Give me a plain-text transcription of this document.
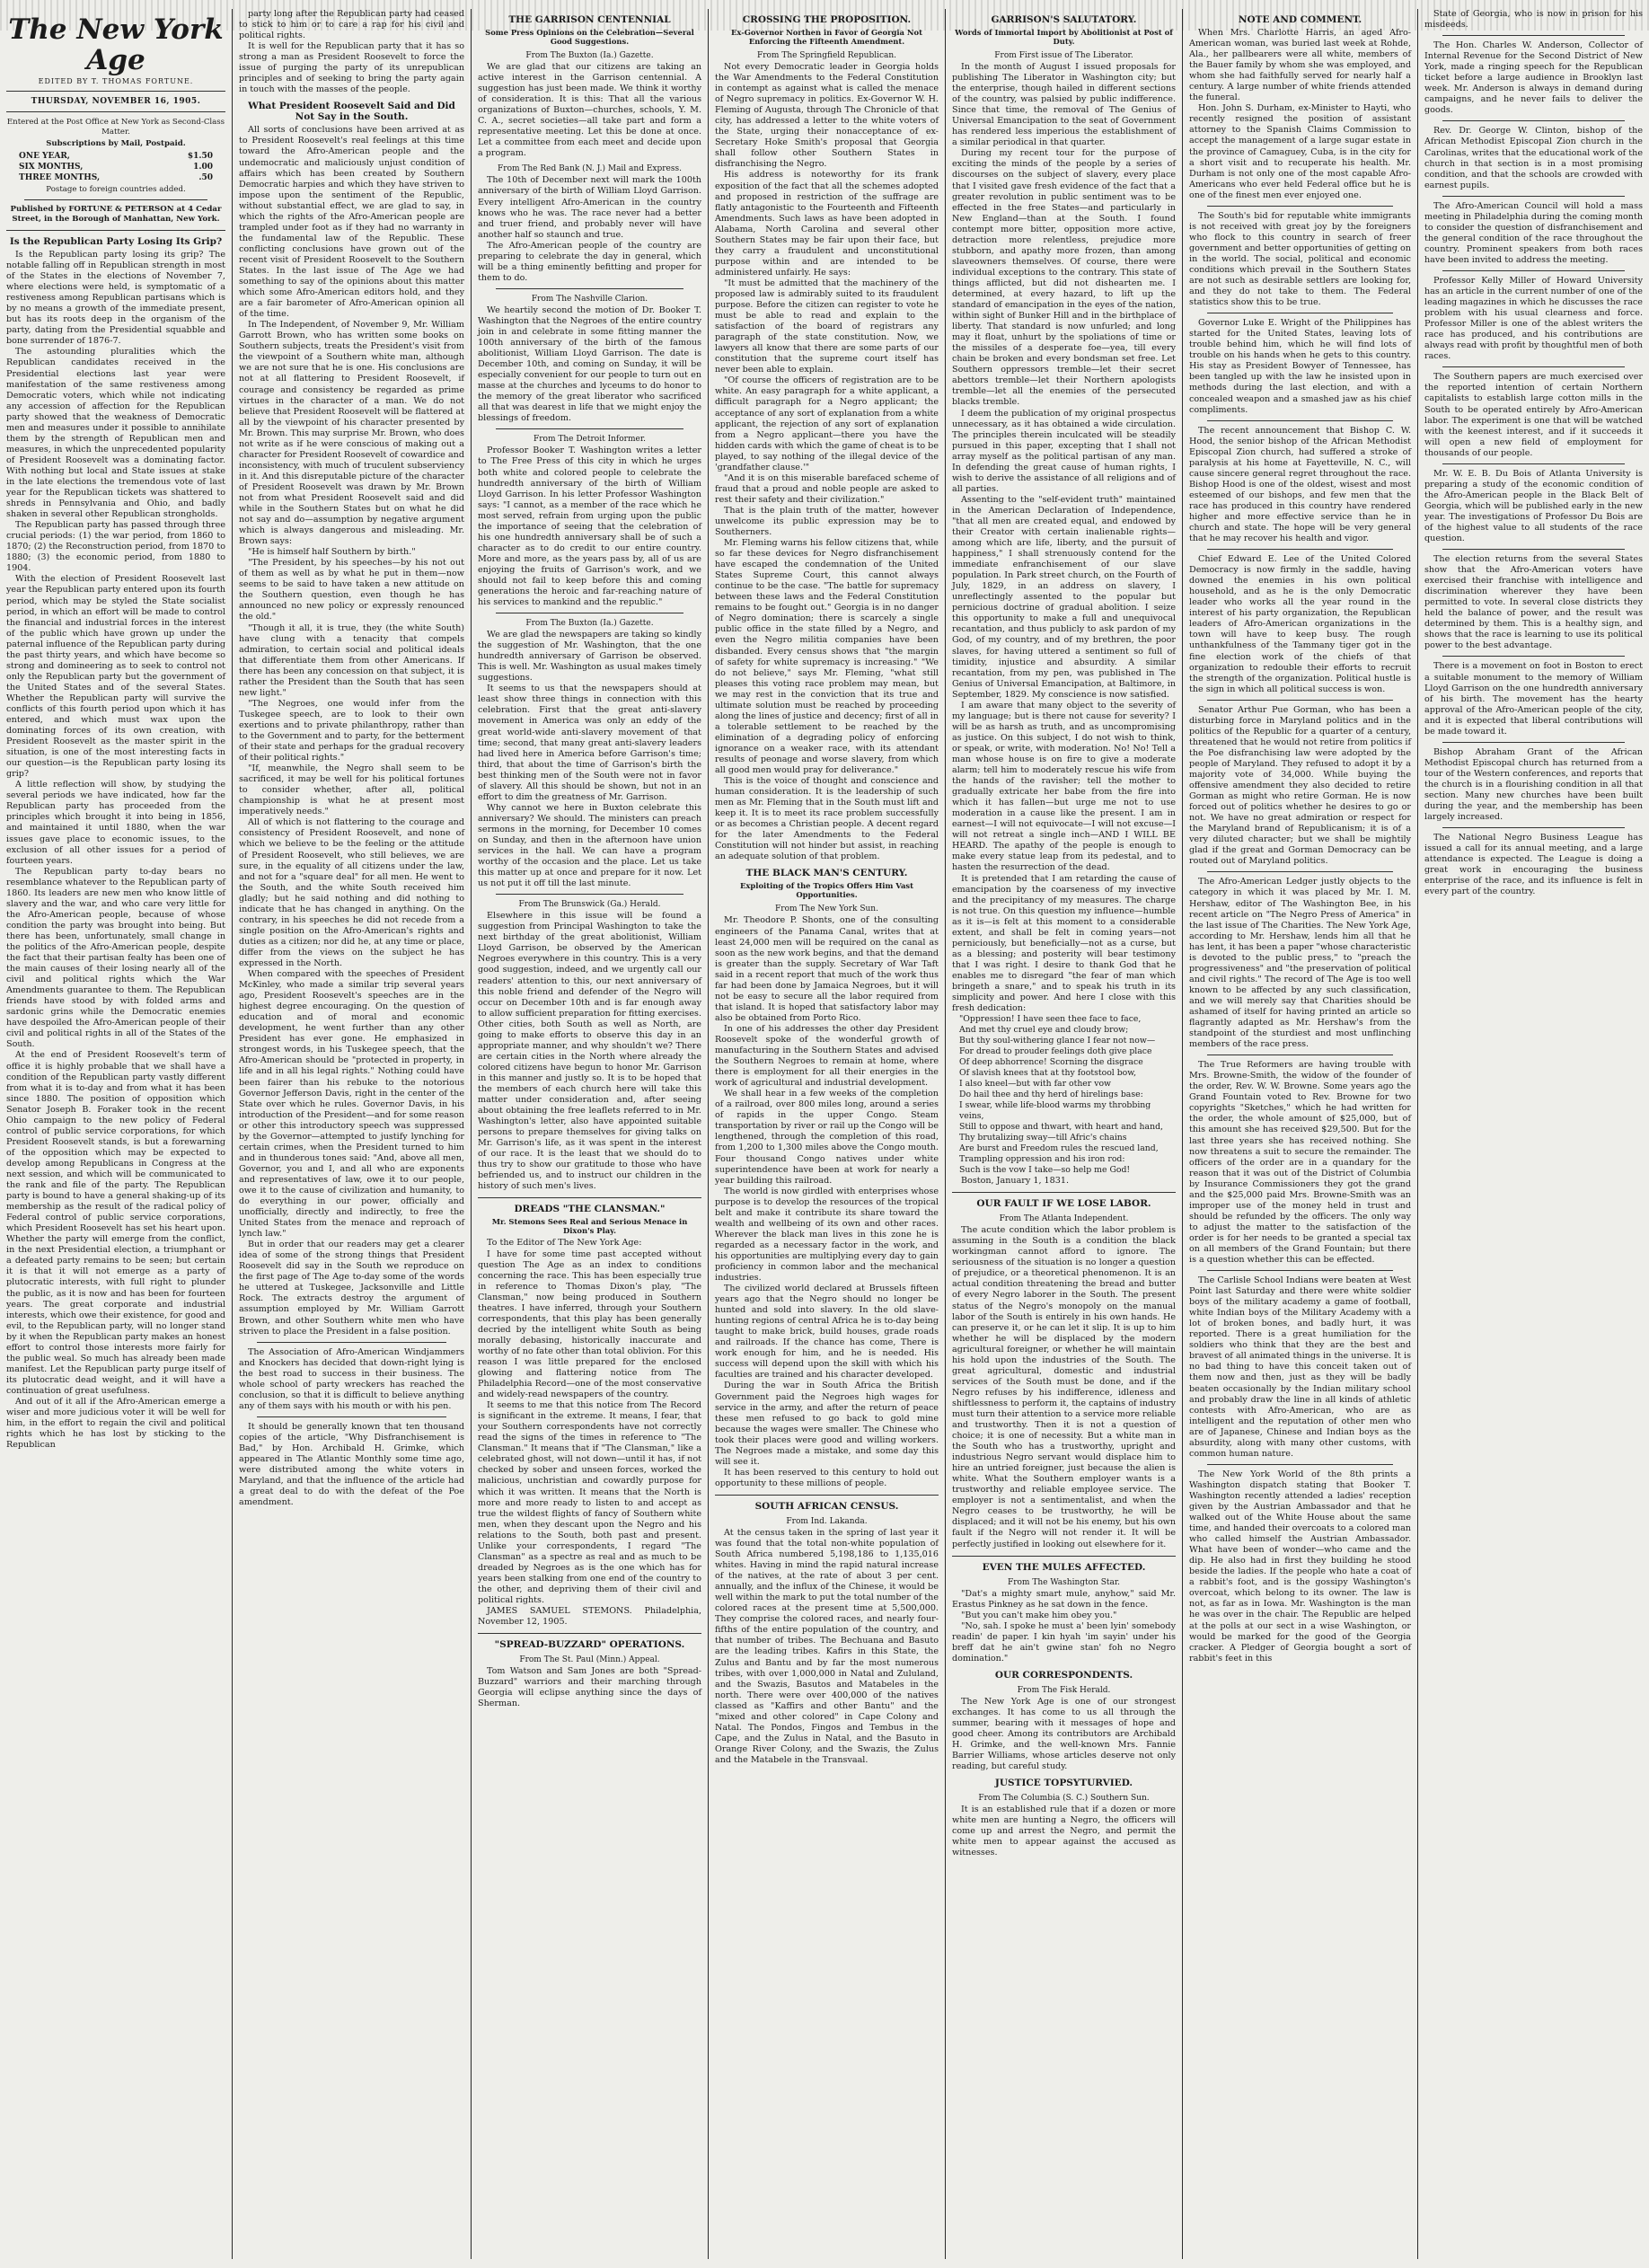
The New York Age
EDITED BY T. THOMAS FORTUNE.
THURSDAY, NOVEMBER 16, 1905.
Entered at the Post Office at New York as Second-Class Matter.
Subscriptions by Mail, Postpaid.
ONE YEAR,	$1.50
SIX MONTHS,	1.00
THREE MONTHS,	.50
Postage to foreign countries added.
Published by FORTUNE & PETERSON at 4 Cedar Street, in the Borough of Manhattan, New York.
Is the Republican Party Losing Its Grip?
Is the Republican party losing its grip? The notable falling off in Republican strength in most of the States in the elections of November 7, where elections were held, is symptomatic of a restiveness among Republican partisans which is by no means a growth of the immediate present, but has its roots deep in the organism of the party, dating from the Presidential squabble and bone surrender of 1876-7.
The astounding pluralities which the Republican candidates received in the Presidential elections last year were manifestation of the same restiveness among Democratic voters, which while not indicating any accession of affection for the Republican party showed that the weakness of Democratic men and measures under it possible to annihilate them by the strength of Republican men and measures, in which the unprecedented popularity of President Roosevelt was a dominating factor. With nothing but local and State issues at stake in the late elections the tremendous vote of last year for the Republican tickets was shattered to shreds in Pennsylvania and Ohio, and badly shaken in several other Republican strongholds.
The Republican party has passed through three crucial periods: (1) the war period, from 1860 to 1870; (2) the Reconstruction period, from 1870 to 1880; (3) the economic period, from 1880 to 1904.
With the election of President Roosevelt last year the Republican party entered upon its fourth period, which may be styled the State socialist period, in which an effort will be made to control the financial and industrial forces in the interest of the public which have grown up under the paternal influence of the Republican party during the past thirty years, and which have become so strong and domineering as to seek to control not only the Republican party but the government of the United States and of the several States. Whether the Republican party will survive the conflicts of this fourth period upon which it has entered, and which must wax upon the dominating forces of its own creation, with President Roosevelt as the master spirit in the situation, is one of the most interesting facts in our question—is the Republican party losing its grip?
A little reflection will show, by studying the several periods we have indicated, how far the Republican party has proceeded from the principles which brought it into being in 1856, and maintained it until 1880, when the war issues gave place to economic issues, to the exclusion of all other issues for a period of fourteen years.
The Republican party to-day bears no resemblance whatever to the Republican party of 1860. Its leaders are new men who know little of slavery and the war, and who care very little for the Afro-American people, because of whose condition the party was brought into being. But there has been, unfortunately, small change in the politics of the Afro-American people, despite the fact that their partisan fealty has been one of the main causes of their losing nearly all of the civil and political rights which the War Amendments guarantee to them. The Republican friends have stood by with folded arms and sardonic grins while the Democratic enemies have despoiled the Afro-American people of their civil and political rights in all of the States of the South.
At the end of President Roosevelt's term of office it is highly probable that we shall have a condition of the Republican party vastly different from what it is to-day and from what it has been since 1880. The position of opposition which Senator Joseph B. Foraker took in the recent Ohio campaign to the new policy of Federal control of public service corporations, for which President Roosevelt stands, is but a forewarning of the opposition which may be expected to develop among Republicans in Congress at the next session, and which will be communicated to the rank and file of the party. The Republican party is bound to have a general shaking-up of its membership as the result of the radical policy of Federal control of public service corporations, which President Roosevelt has set his heart upon. Whether the party will emerge from the conflict, in the next Presidential election, a triumphant or a defeated party remains to be seen; but certain it is that it will not emerge as a party of plutocratic interests, with full right to plunder the public, as it is now and has been for fourteen years. The great corporate and industrial interests, which owe their existence, for good and evil, to the Republican party, will no longer stand by it when the Republican party makes an honest effort to control those interests more fairly for the public weal. So much has already been made manifest. Let the Republican party purge itself of its plutocratic dead weight, and it will have a continuation of great usefulness.
And out of it all if the Afro-American emerge a wiser and more judicious voter it will be well for him, in the effort to regain the civil and political rights which he has lost by sticking to the Republican
party long after the Republican party had ceased to stick to him or to care a rap for his civil and political rights.
It is well for the Republican party that it has so strong a man as President Roosevelt to force the issue of purging the party of its unrepublican principles and of seeking to bring the party again in touch with the masses of the people.
What President Roosevelt Said and Did Not Say in the South.
All sorts of conclusions have been arrived at as to President Roosevelt's real feelings at this time toward the Afro-American people and the undemocratic and maliciously unjust condition of affairs which has been created by Southern Democratic harpies and which they have striven to impose upon the sentiment of the Republic, without substantial effect, we are glad to say, in which the rights of the Afro-American people are trampled under foot as if they had no warranty in the fundamental law of the Republic. These conflicting conclusions have grown out of the recent visit of President Roosevelt to the Southern States. In the last issue of The Age we had something to say of the opinions about this matter which some Afro-American editors hold, and they are a fair barometer of Afro-American opinion all of the time.
In The Independent, of November 9, Mr. William Garrott Brown, who has written some books on Southern subjects, treats the President's visit from the viewpoint of a Southern white man, although we are not sure that he is one. His conclusions are not at all flattering to President Roosevelt, if courage and consistency be regarded as prime virtues in the character of a man. We do not believe that President Roosevelt will be flattered at all by the viewpoint of his character presented by Mr. Brown. This may surprise Mr. Brown, who does not write as if he were conscious of making out a character for President Roosevelt of cowardice and inconsistency, with much of truculent subserviency in it. And this disreputable picture of the character of President Roosevelt was drawn by Mr. Brown not from what President Roosevelt said and did while in the Southern States but on what he did not say and do—assumption by negative argument which is always dangerous and misleading. Mr. Brown says:
"He is himself half Southern by birth."
"The President, by his speeches—by his not out of them as well as by what he put in them—now seems to be said to have taken a new attitude on the Southern question, even though he has announced no new policy or expressly renounced the old."
"Though it all, it is true, they (the white South) have clung with a tenacity that compels admiration, to certain social and political ideals that differentiate them from other Americans. If there has been any concession on that subject, it is rather the President than the South that has seen new light."
"The Negroes, one would infer from the Tuskegee speech, are to look to their own exertions and to private philanthropy, rather than to the Government and to party, for the betterment of their state and perhaps for the gradual recovery of their political rights."
"If, meanwhile, the Negro shall seem to be sacrificed, it may be well for his political fortunes to consider whether, after all, political championship is what he at present most imperatively needs."
All of which is not flattering to the courage and consistency of President Roosevelt, and none of which we believe to be the feeling or the attitude of President Roosevelt, who still believes, we are sure, in the equality of all citizens under the law, and not for a "square deal" for all men. He went to the South, and the white South received him gladly; but he said nothing and did nothing to indicate that he has changed in anything. On the contrary, in his speeches he did not recede from a single position on the Afro-American's rights and duties as a citizen; nor did he, at any time or place, differ from the views on the subject he has expressed in the North.
When compared with the speeches of President McKinley, who made a similar trip several years ago, President Roosevelt's speeches are in the highest degree encouraging. On the question of education and of moral and economic development, he went further than any other President has ever gone. He emphasized in strongest words, in his Tuskegee speech, that the Afro-American should be "protected in property, in life and in all his legal rights." Nothing could have been fairer than his rebuke to the notorious Governor Jefferson Davis, right in the center of the State over which he rules. Governor Davis, in his introduction of the President—and for some reason or other this introductory speech was suppressed by the Governor—attempted to justify lynching for certain crimes, when the President turned to him and in thunderous tones said: "And, above all men, Governor, you and I, and all who are exponents and representatives of law, owe it to our people, owe it to the cause of civilization and humanity, to do everything in our power, officially and unofficially, directly and indirectly, to free the United States from the menace and reproach of lynch law."
But in order that our readers may get a clearer idea of some of the strong things that President Roosevelt did say in the South we reproduce on the first page of The Age to-day some of the words he uttered at Tuskegee, Jacksonville and Little Rock. The extracts destroy the argument of assumption employed by Mr. William Garrott Brown, and other Southern white men who have striven to place the President in a false position.
The Association of Afro-American Windjammers and Knockers has decided that down-right lying is the best road to success in their business. The whole school of party wreckers has reached the conclusion, so that it is difficult to believe anything any of them says with his mouth or with his pen.
It should be generally known that ten thousand copies of the article, "Why Disfranchisement is Bad," by Hon. Archibald H. Grimke, which appeared in The Atlantic Monthly some time ago, were distributed among the white voters in Maryland, and that the influence of the article had a great deal to do with the defeat of the Poe amendment.
THE GARRISON CENTENNIAL
Some Press Opinions on the Celebration—Several Good Suggestions.
From The Buxton (Ia.) Gazette.
We are glad that our citizens are taking an active interest in the Garrison centennial. A suggestion has just been made. We think it worthy of consideration. It is this: That all the various organizations of Buxton—churches, schools, Y. M. C. A., secret societies—all take part and form a representative meeting. Let this be done at once. Let a committee from each meet and decide upon a program.
From The Red Bank (N. J.) Mail and Express.
The 10th of December next will mark the 100th anniversary of the birth of William Lloyd Garrison. Every intelligent Afro-American in the country knows who he was. The race never had a better and truer friend, and probably never will have another half so staunch and true.
The Afro-American people of the country are preparing to celebrate the day in general, which will be a thing eminently befitting and proper for them to do.
From The Nashville Clarion.
We heartily second the motion of Dr. Booker T. Washington that the Negroes of the entire country join in and celebrate in some fitting manner the 100th anniversary of the birth of the famous abolitionist, William Lloyd Garrison. The date is December 10th, and coming on Sunday, it will be especially convenient for our people to turn out en masse at the churches and lyceums to do honor to the memory of the great liberator who sacrificed all that was dearest in life that we might enjoy the blessings of freedom.
From The Detroit Informer.
Professor Booker T. Washington writes a letter to The Free Press of this city in which he urges both white and colored people to celebrate the hundredth anniversary of the birth of William Lloyd Garrison. In his letter Professor Washington says: "I cannot, as a member of the race which he most served, refrain from urging upon the public the importance of seeing that the celebration of his one hundredth anniversary shall be of such a character as to do credit to our entire country. More and more, as the years pass by, all of us are enjoying the fruits of Garrison's work, and we should not fail to keep before this and coming generations the heroic and far-reaching nature of his services to mankind and the republic."
From The Buxton (Ia.) Gazette.
We are glad the newspapers are taking so kindly the suggestion of Mr. Washington, that the one hundredth anniversary of Garrison be observed. This is well. Mr. Washington as usual makes timely suggestions.
It seems to us that the newspapers should at least show three things in connection with this celebration. First that the great anti-slavery movement in America was only an eddy of the great world-wide anti-slavery movement of that time; second, that many great anti-slavery leaders had lived here in America before Garrison's time; third, that about the time of Garrison's birth the best thinking men of the South were not in favor of slavery. All this should be shown, but not in an effort to dim the greatness of Mr. Garrison.
Why cannot we here in Buxton celebrate this anniversary? We should. The ministers can preach sermons in the morning, for December 10 comes on Sunday, and then in the afternoon have union services in the hall. We can have a program worthy of the occasion and the place. Let us take this matter up at once and prepare for it now. Let us not put it off till the last minute.
From The Brunswick (Ga.) Herald.
Elsewhere in this issue will be found a suggestion from Principal Washington to take the next birthday of the great abolitionist, William Lloyd Garrison, be observed by the American Negroes everywhere in this country. This is a very good suggestion, indeed, and we urgently call our readers' attention to this, our next anniversary of this noble friend and defender of the Negro will occur on December 10th and is far enough away to allow sufficient preparation for fitting exercises. Other cities, both South as well as North, are going to make efforts to observe this day in an appropriate manner, and why shouldn't we? There are certain cities in the North where already the colored citizens have begun to honor Mr. Garrison in this manner and justly so. It is to be hoped that the members of each church here will take this matter under consideration and, after seeing about obtaining the free leaflets referred to in Mr. Washington's letter, also have appointed suitable persons to prepare themselves for giving talks on Mr. Garrison's life, as it was spent in the interest of our race. It is the least that we should do to thus try to show our gratitude to those who have befriended us, and to instruct our children in the history of such men's lives.
DREADS "THE CLANSMAN."
Mr. Stemons Sees Real and Serious Menace in Dixon's Play.
To the Editor of The New York Age:
I have for some time past accepted without question The Age as an index to conditions concerning the race. This has been especially true in reference to Thomas Dixon's play, "The Clansman," now being produced in Southern theatres. I have inferred, through your Southern correspondents, that this play has been generally decried by the intelligent white South as being morally debasing, historically inaccurate and worthy of no fate other than total oblivion. For this reason I was little prepared for the enclosed glowing and flattering notice from The Philadelphia Record—one of the most conservative and widely-read newspapers of the country.
It seems to me that this notice from The Record is significant in the extreme. It means, I fear, that your Southern correspondents have not correctly read the signs of the times in reference to "The Clansman." It means that if "The Clansman," like a celebrated ghost, will not down—until it has, if not checked by sober and unseen forces, worked the malicious, unchristian and cowardly purpose for which it was written. It means that the North is more and more ready to listen to and accept as true the wildest flights of fancy of Southern white men, when they descant upon the Negro and his relations to the South, both past and present. Unlike your correspondents, I regard "The Clansman" as a spectre as real and as much to be dreaded by Negroes as is the one which has for years been stalking from one end of the country to the other, and depriving them of their civil and political rights.
JAMES SAMUEL STEMONS. Philadelphia, November 12, 1905.
"SPREAD-BUZZARD" OPERATIONS.
From The St. Paul (Minn.) Appeal.
Tom Watson and Sam Jones are both "Spread-Buzzard" warriors and their marching through Georgia will eclipse anything since the days of Sherman.
CROSSING THE PROPOSITION.
Ex-Governor Northen in Favor of Georgia Not Enforcing the Fifteenth Amendment.
From The Springfield Republican.
Not every Democratic leader in Georgia holds the War Amendments to the Federal Constitution in contempt as against what is called the menace of Negro supremacy in politics. Ex-Governor W. H. Fleming of Augusta, through The Chronicle of that city, has addressed a letter to the white voters of the State, urging their nonacceptance of ex-Secretary Hoke Smith's proposal that Georgia shall follow other Southern States in disfranchising the Negro.
His address is noteworthy for its frank exposition of the fact that all the schemes adopted and proposed in restriction of the suffrage are flatly antagonistic to the Fourteenth and Fifteenth Amendments. Such laws as have been adopted in Alabama, North Carolina and several other Southern States may be fair upon their face, but they carry a fraudulent and unconstitutional purpose within and are intended to be administered unfairly. He says:
"It must be admitted that the machinery of the proposed law is admirably suited to its fraudulent purpose. Before the citizen can register to vote he must be able to read and explain to the satisfaction of the board of registrars any paragraph of the state constitution. Now, we lawyers all know that there are some parts of our constitution that the supreme court itself has never been able to explain.
"Of course the officers of registration are to be white. An easy paragraph for a white applicant, a difficult paragraph for a Negro applicant; the acceptance of any sort of explanation from a white applicant, the rejection of any sort of explanation from a Negro applicant—there you have the hidden cards with which the game of cheat is to be played, to say nothing of the illegal device of the 'grandfather clause.'"
"And it is on this miserable barefaced scheme of fraud that a proud and noble people are asked to rest their safety and their civilization."
That is the plain truth of the matter, however unwelcome its public expression may be to Southerners.
Mr. Fleming warns his fellow citizens that, while so far these devices for Negro disfranchisement have escaped the condemnation of the United States Supreme Court, this cannot always continue to be the case. "The battle for supremacy between these laws and the Federal Constitution remains to be fought out." Georgia is in no danger of Negro domination; there is scarcely a single public office in the state filled by a Negro, and even the Negro militia companies have been disbanded. Every census shows that "the margin of safety for white supremacy is increasing." "We do not believe," says Mr. Fleming, "what still pleases this voting race problem may mean, but we may rest in the conviction that its true and ultimate solution must be reached by proceeding along the lines of justice and decency; first of all in a tolerable settlement to be reached by the elimination of a degrading policy of enforcing ignorance on a weaker race, with its attendant results of peonage and worse slavery, from which all good men would pray for deliverance."
This is the voice of thought and conscience and human consideration. It is the leadership of such men as Mr. Fleming that in the South must lift and keep it. It is to meet its race problem successfully or as becomes a Christian people. A decent regard for the later Amendments to the Federal Constitution will not hinder but assist, in reaching an adequate solution of that problem.
THE BLACK MAN'S CENTURY.
Exploiting of the Tropics Offers Him Vast Opportunities.
From The New York Sun.
Mr. Theodore P. Shonts, one of the consulting engineers of the Panama Canal, writes that at least 24,000 men will be required on the canal as soon as the new work begins, and that the demand is greater than the supply. Secretary of War Taft said in a recent report that much of the work thus far had been done by Jamaica Negroes, but it will not be easy to secure all the labor required from that island. It is hoped that satisfactory labor may also be obtained from Porto Rico.
In one of his addresses the other day President Roosevelt spoke of the wonderful growth of manufacturing in the Southern States and advised the Southern Negroes to remain at home, where there is employment for all their energies in the work of agricultural and industrial development.
We shall hear in a few weeks of the completion of a railroad, over 800 miles long, around a series of rapids in the upper Congo. Steam transportation by river or rail up the Congo will be lengthened, through the completion of this road, from 1,200 to 1,300 miles above the Congo mouth. Four thousand Congo natives under white superintendence have been at work for nearly a year building this railroad.
The world is now girdled with enterprises whose purpose is to develop the resources of the tropical belt and make it contribute its share toward the wealth and wellbeing of its own and other races. Wherever the black man lives in this zone he is regarded as a necessary factor in the work, and his opportunities are multiplying every day to gain proficiency in common labor and the mechanical industries.
The civilized world declared at Brussels fifteen years ago that the Negro should no longer be hunted and sold into slavery. In the old slave-hunting regions of central Africa he is to-day being taught to make brick, build houses, grade roads and railroads. If the chance has come, There is work enough for him, and he is needed. His success will depend upon the skill with which his faculties are trained and his character developed.
During the war in South Africa the British Government paid the Negroes high wages for service in the army, and after the return of peace these men refused to go back to gold mine because the wages were smaller. The Chinese who took their places were good and willing workers. The Negroes made a mistake, and some day this will see it.
It has been reserved to this century to hold out opportunity to these millions of people.
SOUTH AFRICAN CENSUS.
From Ind. Lakanda.
At the census taken in the spring of last year it was found that the total non-white population of South Africa numbered 5,198,186 to 1,135,016 whites. Having in mind the rapid natural increase of the natives, at the rate of about 3 per cent. annually, and the influx of the Chinese, it would be well within the mark to put the total number of the colored races at the present time at 5,500,000. They comprise the colored races, and nearly four-fifths of the entire population of the country, and that number of tribes. The Bechuana and Basuto are the leading tribes. Kafirs in this State, the Zulus and Bantu and by far the most numerous tribes, with over 1,000,000 in Natal and Zululand, and the Swazis, Basutos and Matabeles in the north. There were over 400,000 of the natives classed as "Kaffirs and other Bantu" and the "mixed and other colored" in Cape Colony and Natal. The Pondos, Fingos and Tembus in the Cape, and the Zulus in Natal, and the Basuto in Orange River Colony, and the Swazis, the Zulus and the Matabele in the Transvaal.
GARRISON'S SALUTATORY.
Words of Immortal Import by Abolitionist at Post of Duty.
From First issue of The Liberator.
In the month of August I issued proposals for publishing The Liberator in Washington city; but the enterprise, though hailed in different sections of the country, was palsied by public indifference. Since that time, the removal of The Genius of Universal Emancipation to the seat of Government has rendered less imperious the establishment of a similar periodical in that quarter.
During my recent tour for the purpose of exciting the minds of the people by a series of discourses on the subject of slavery, every place that I visited gave fresh evidence of the fact that a greater revolution in public sentiment was to be effected in the free States—and particularly in New England—than at the South. I found contempt more bitter, opposition more active, detraction more relentless, prejudice more stubborn, and apathy more frozen, than among slaveowners themselves. Of course, there were individual exceptions to the contrary. This state of things afflicted, but did not dishearten me. I determined, at every hazard, to lift up the standard of emancipation in the eyes of the nation, within sight of Bunker Hill and in the birthplace of liberty. That standard is now unfurled; and long may it float, unhurt by the spoliations of time or the missiles of a desperate foe—yea, till every chain be broken and every bondsman set free. Let Southern oppressors tremble—let their secret abettors tremble—let their Northern apologists tremble—let all the enemies of the persecuted blacks tremble.
I deem the publication of my original prospectus unnecessary, as it has obtained a wide circulation. The principles therein inculcated will be steadily pursued in this paper, excepting that I shall not array myself as the political partisan of any man. In defending the great cause of human rights, I wish to derive the assistance of all religions and of all parties.
Assenting to the "self-evident truth" maintained in the American Declaration of Independence, "that all men are created equal, and endowed by their Creator with certain inalienable rights—among which are life, liberty, and the pursuit of happiness," I shall strenuously contend for the immediate enfranchisement of our slave population. In Park street church, on the Fourth of July, 1829, in an address on slavery, I unreflectingly assented to the popular but pernicious doctrine of gradual abolition. I seize this opportunity to make a full and unequivocal recantation, and thus publicly to ask pardon of my God, of my country, and of my brethren, the poor slaves, for having uttered a sentiment so full of timidity, injustice and absurdity. A similar recantation, from my pen, was published in The Genius of Universal Emancipation, at Baltimore, in September, 1829. My conscience is now satisfied.
I am aware that many object to the severity of my language; but is there not cause for severity? I will be as harsh as truth, and as uncompromising as justice. On this subject, I do not wish to think, or speak, or write, with moderation. No! No! Tell a man whose house is on fire to give a moderate alarm; tell him to moderately rescue his wife from the hands of the ravisher; tell the mother to gradually extricate her babe from the fire into which it has fallen—but urge me not to use moderation in a cause like the present. I am in earnest—I will not equivocate—I will not excuse—I will not retreat a single inch—AND I WILL BE HEARD. The apathy of the people is enough to make every statue leap from its pedestal, and to hasten the resurrection of the dead.
It is pretended that I am retarding the cause of emancipation by the coarseness of my invective and the precipitancy of my measures. The charge is not true. On this question my influence—humble as it is—is felt at this moment to a considerable extent, and shall be felt in coming years—not perniciously, but beneficially—not as a curse, but as a blessing; and posterity will bear testimony that I was right. I desire to thank God that he enables me to disregard "the fear of man which bringeth a snare," and to speak his truth in its simplicity and power. And here I close with this fresh dedication:
"Oppression! I have seen thee face to face,
And met thy cruel eye and cloudy brow;
But thy soul-withering glance I fear not now—
For dread to prouder feelings doth give place
Of deep abhorrence! Scorning the disgrace
Of slavish knees that at thy footstool bow,
I also kneel—but with far other vow
Do hail thee and thy herd of hirelings base:
I swear, while life-blood warms my throbbing veins,
Still to oppose and thwart, with heart and hand,
Thy brutalizing sway—till Afric's chains
Are burst and Freedom rules the rescued land,
Trampling oppression and his iron rod:
Such is the vow I take—so help me God!
Boston, January 1, 1831.
OUR FAULT IF WE LOSE LABOR.
From The Atlanta Independent.
The acute condition which the labor problem is assuming in the South is a condition the black workingman cannot afford to ignore. The seriousness of the situation is no longer a question of prejudice, or a theoretical phenomenon. It is an actual condition threatening the bread and butter of every Negro laborer in the South. The present status of the Negro's monopoly on the manual labor of the South is entirely in his own hands. He can preserve it, or he can let it slip. It is up to him whether he will be displaced by the modern agricultural foreigner, or whether he will maintain his hold upon the industries of the South. The great agricultural, domestic and industrial services of the South must be done, and if the Negro refuses by his indifference, idleness and shiftlessness to perform it, the captains of industry must turn their attention to a service more reliable and trustworthy. Then it is not a question of choice; it is one of necessity. But a white man in the South who has a trustworthy, upright and industrious Negro servant would displace him to hire an untried foreigner, just because the alien is white. What the Southern employer wants is a trustworthy and reliable employee service. The employer is not a sentimentalist, and when the Negro ceases to be trustworthy, he will be displaced; and it will not be his enemy, but his own fault if the Negro will not render it. It will be perfectly justified in looking out elsewhere for it.
EVEN THE MULES AFFECTED.
From The Washington Star.
"Dat's a mighty smart mule, anyhow," said Mr. Erastus Pinkney as he sat down in the fence.
"But you can't make him obey you."
"No, sah. I spoke he must a' been lyin' somebody readin' de paper. I kin hyah 'im sayin' under his breff dat he ain't gwine stan' foh no Negro domination."
OUR CORRESPONDENTS.
From The Fisk Herald.
The New York Age is one of our strongest exchanges. It has come to us all through the summer, bearing with it messages of hope and good cheer. Among its contributors are Archibald H. Grimke, and the well-known Mrs. Fannie Barrier Williams, whose articles deserve not only reading, but careful study.
JUSTICE TOPSYTURVIED.
From The Columbia (S. C.) Southern Sun.
It is an established rule that if a dozen or more white men are hunting a Negro, the officers will come up and arrest the Negro, and permit the white men to appear against the accused as witnesses.
NOTE AND COMMENT.
When Mrs. Charlotte Harris, an aged Afro-American woman, was buried last week at Rohde, Ala., her pallbearers were all white, members of the Bauer family by whom she was employed, and whom she had faithfully served for nearly half a century. A large number of white friends attended the funeral.
Hon. John S. Durham, ex-Minister to Hayti, who recently resigned the position of assistant attorney to the Spanish Claims Commission to accept the management of a large sugar estate in the province of Camaguey, Cuba, is in the city for a short visit and to recuperate his health. Mr. Durham is not only one of the most capable Afro-Americans who ever held Federal office but he is one of the finest men ever enjoyed one.
The South's bid for reputable white immigrants is not received with great joy by the foreigners who flock to this country in search of freer government and better opportunities of getting on in the world. The social, political and economic conditions which prevail in the Southern States are not such as desirable settlers are looking for, and they do not take to them. The Federal statistics show this to be true.
Governor Luke E. Wright of the Philippines has started for the United States, leaving lots of trouble behind him, which he will find lots of trouble on his hands when he gets to this country. His stay as President Bowyer of Tennessee, has been tangled up with the law he insisted upon in methods during the last election, and with a concealed weapon and a smashed jaw as his chief compliments.
The recent announcement that Bishop C. W. Hood, the senior bishop of the African Methodist Episcopal Zion church, had suffered a stroke of paralysis at his home at Fayetteville, N. C., will cause sincere general regret throughout the race. Bishop Hood is one of the oldest, wisest and most esteemed of our bishops, and few men that the race has produced in this country have rendered higher and more effective service than he in church and state. The hope will be very general that he may recover his health and vigor.
Chief Edward E. Lee of the United Colored Democracy is now firmly in the saddle, having downed the enemies in his own political household, and as he is the only Democratic leader who works all the year round in the interest of his party organization, the Republican leaders of Afro-American organizations in the town will have to keep busy. The rough unthankfulness of the Tammany tiger got in the fine election work of the chiefs of that organization to redouble their efforts to recruit the strength of the organization. Political hustle is the sign in which all political success is won.
Senator Arthur Pue Gorman, who has been a disturbing force in Maryland politics and in the politics of the Republic for a quarter of a century, threatened that he would not retire from politics if the Poe disfranchising law were adopted by the people of Maryland. They refused to adopt it by a majority vote of 34,000. While buying the offensive amendment they also decided to retire Gorman as might who retire Gorman. He is now forced out of politics whether he desires to go or not. We have no great admiration or respect for the Maryland brand of Republicanism; it is of a very diluted character; but we shall be mightily glad if the great and Gorman Democracy can be routed out of Maryland politics.
The Afro-American Ledger justly objects to the category in which it was placed by Mr. I. M. Hershaw, editor of The Washington Bee, in his recent article on "The Negro Press of America" in the last issue of The Charities. The New York Age, according to Mr. Hershaw, lends him all that he has lent, it has been a paper "whose characteristic is devoted to the public press," to "preach the progressiveness" and "the preservation of political and civil rights." The record of The Age is too well known to be affected by any such classification, and we will merely say that Charities should be ashamed of itself for having printed an article so flagrantly adapted as Mr. Hershaw's from the standpoint of the sturdiest and most unflinching members of the race press.
The True Reformers are having trouble with Mrs. Browne-Smith, the widow of the founder of the order, Rev. W. W. Browne. Some years ago the Grand Fountain voted to Rev. Browne for two copyrights "Sketches," which he had written for the order, the whole amount of $25,000, but of this amount she has received $29,500. But for the last three years she has received nothing. She now threatens a suit to secure the remainder. The officers of the order are in a quandary for the reason that it was out of the District of Columbia by Insurance Commissioners they got the grand and the $25,000 paid Mrs. Browne-Smith was an improper use of the money held in trust and should be refunded by the officers. The only way to adjust the matter to the satisfaction of the order is for her needs to be granted a special tax on all members of the Grand Fountain; but there is a question whether this can be effected.
The Carlisle School Indians were beaten at West Point last Saturday and there were white soldier boys of the military academy a game of football, white Indian boys of the Military Academy with a lot of broken bones, and badly hurt, it was reported. There is a great humiliation for the soldiers who think that they are the best and bravest of all animated things in the universe. It is no bad thing to have this conceit taken out of them now and then, just as they will be badly beaten occasionally by the Indian military school and probably draw the line in all kinds of athletic contests with Afro-American, who are as intelligent and the reputation of other men who are of Japanese, Chinese and Indian boys as the absurdity, along with many other customs, with common human nature.
The New York World of the 8th prints a Washington dispatch stating that Booker T. Washington recently attended a ladies' reception given by the Austrian Ambassador and that he walked out of the White House about the same time, and handed their overcoats to a colored man who called himself the Austrian Ambassador. What have been of wonder—who came and the dip. He also had in first they building he stood beside the ladies. If the people who hate a coat of a rabbit's foot, and is the gossipy Washington's overcoat, which belong to its owner. The law is not, as far as in Iowa. Mr. Washington is the man he was over in the chair. The Republic are helped at the polls at our sect in a wise Washington, or would be marked for the good of the Georgia cracker. A Pledger of Georgia bought a sort of rabbit's feet in this
State of Georgia, who is now in prison for his misdeeds.
The Hon. Charles W. Anderson, Collector of Internal Revenue for the Second District of New York, made a ringing speech for the Republican ticket before a large audience in Brooklyn last week. Mr. Anderson is always in demand during campaigns, and he never fails to deliver the goods.
Rev. Dr. George W. Clinton, bishop of the African Methodist Episcopal Zion church in the Carolinas, writes that the educational work of the church in that section is in a most promising condition, and that the schools are crowded with earnest pupils.
The Afro-American Council will hold a mass meeting in Philadelphia during the coming month to consider the question of disfranchisement and the general condition of the race throughout the country. Prominent speakers from both races have been invited to address the meeting.
Professor Kelly Miller of Howard University has an article in the current number of one of the leading magazines in which he discusses the race problem with his usual clearness and force. Professor Miller is one of the ablest writers the race has produced, and his contributions are always read with profit by thoughtful men of both races.
The Southern papers are much exercised over the reported intention of certain Northern capitalists to establish large cotton mills in the South to be operated entirely by Afro-American labor. The experiment is one that will be watched with the keenest interest, and if it succeeds it will open a new field of employment for thousands of our people.
Mr. W. E. B. Du Bois of Atlanta University is preparing a study of the economic condition of the Afro-American people in the Black Belt of Georgia, which will be published early in the new year. The investigations of Professor Du Bois are of the highest value to all students of the race question.
The election returns from the several States show that the Afro-American voters have exercised their franchise with intelligence and discrimination wherever they have been permitted to vote. In several close districts they held the balance of power, and the result was determined by them. This is a healthy sign, and shows that the race is learning to use its political power to the best advantage.
There is a movement on foot in Boston to erect a suitable monument to the memory of William Lloyd Garrison on the one hundredth anniversary of his birth. The movement has the hearty approval of the Afro-American people of the city, and it is expected that liberal contributions will be made toward it.
Bishop Abraham Grant of the African Methodist Episcopal church has returned from a tour of the Western conferences, and reports that the church is in a flourishing condition in all that section. Many new churches have been built during the year, and the membership has been largely increased.
The National Negro Business League has issued a call for its annual meeting, and a large attendance is expected. The League is doing a great work in encouraging the business enterprise of the race, and its influence is felt in every part of the country.
